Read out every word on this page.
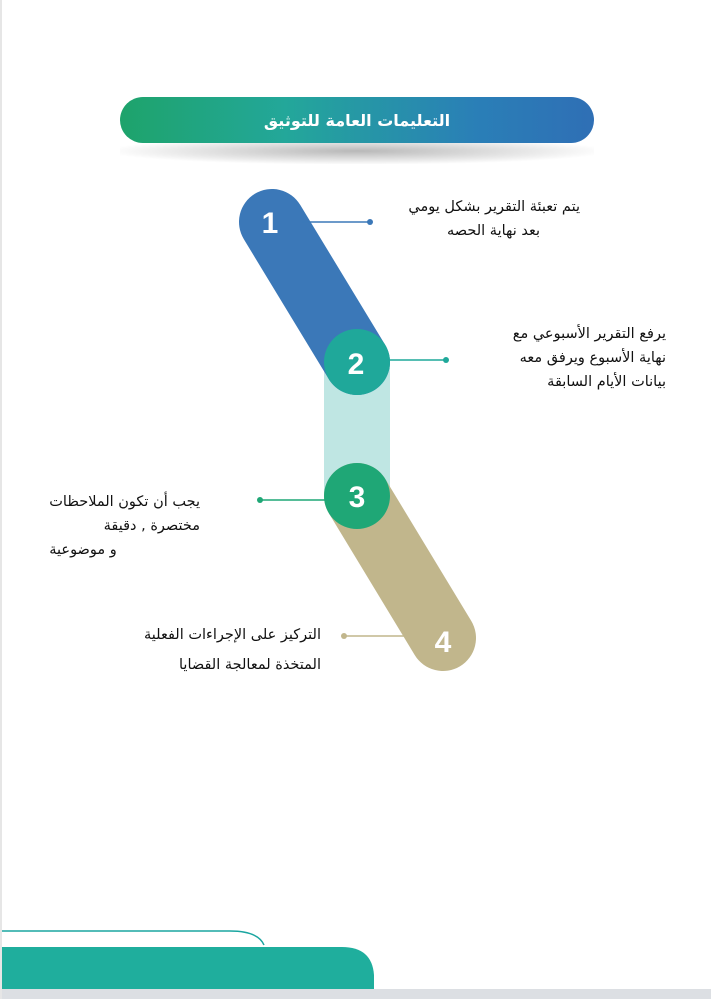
التعليمات العامة للتوثيق
1
2
3
4
يتم تعبئة التقرير بشكل يومي
بعد نهاية الحصه
يرفع التقرير الأسبوعي مع
نهاية الأسبوع ويرفق معه
بيانات الأيام السابقة
يجب أن تكون الملاحظات
مختصرة , دقيقة
و موضوعية
التركيز على الإجراءات الفعلية
المتخذة لمعالجة القضايا
